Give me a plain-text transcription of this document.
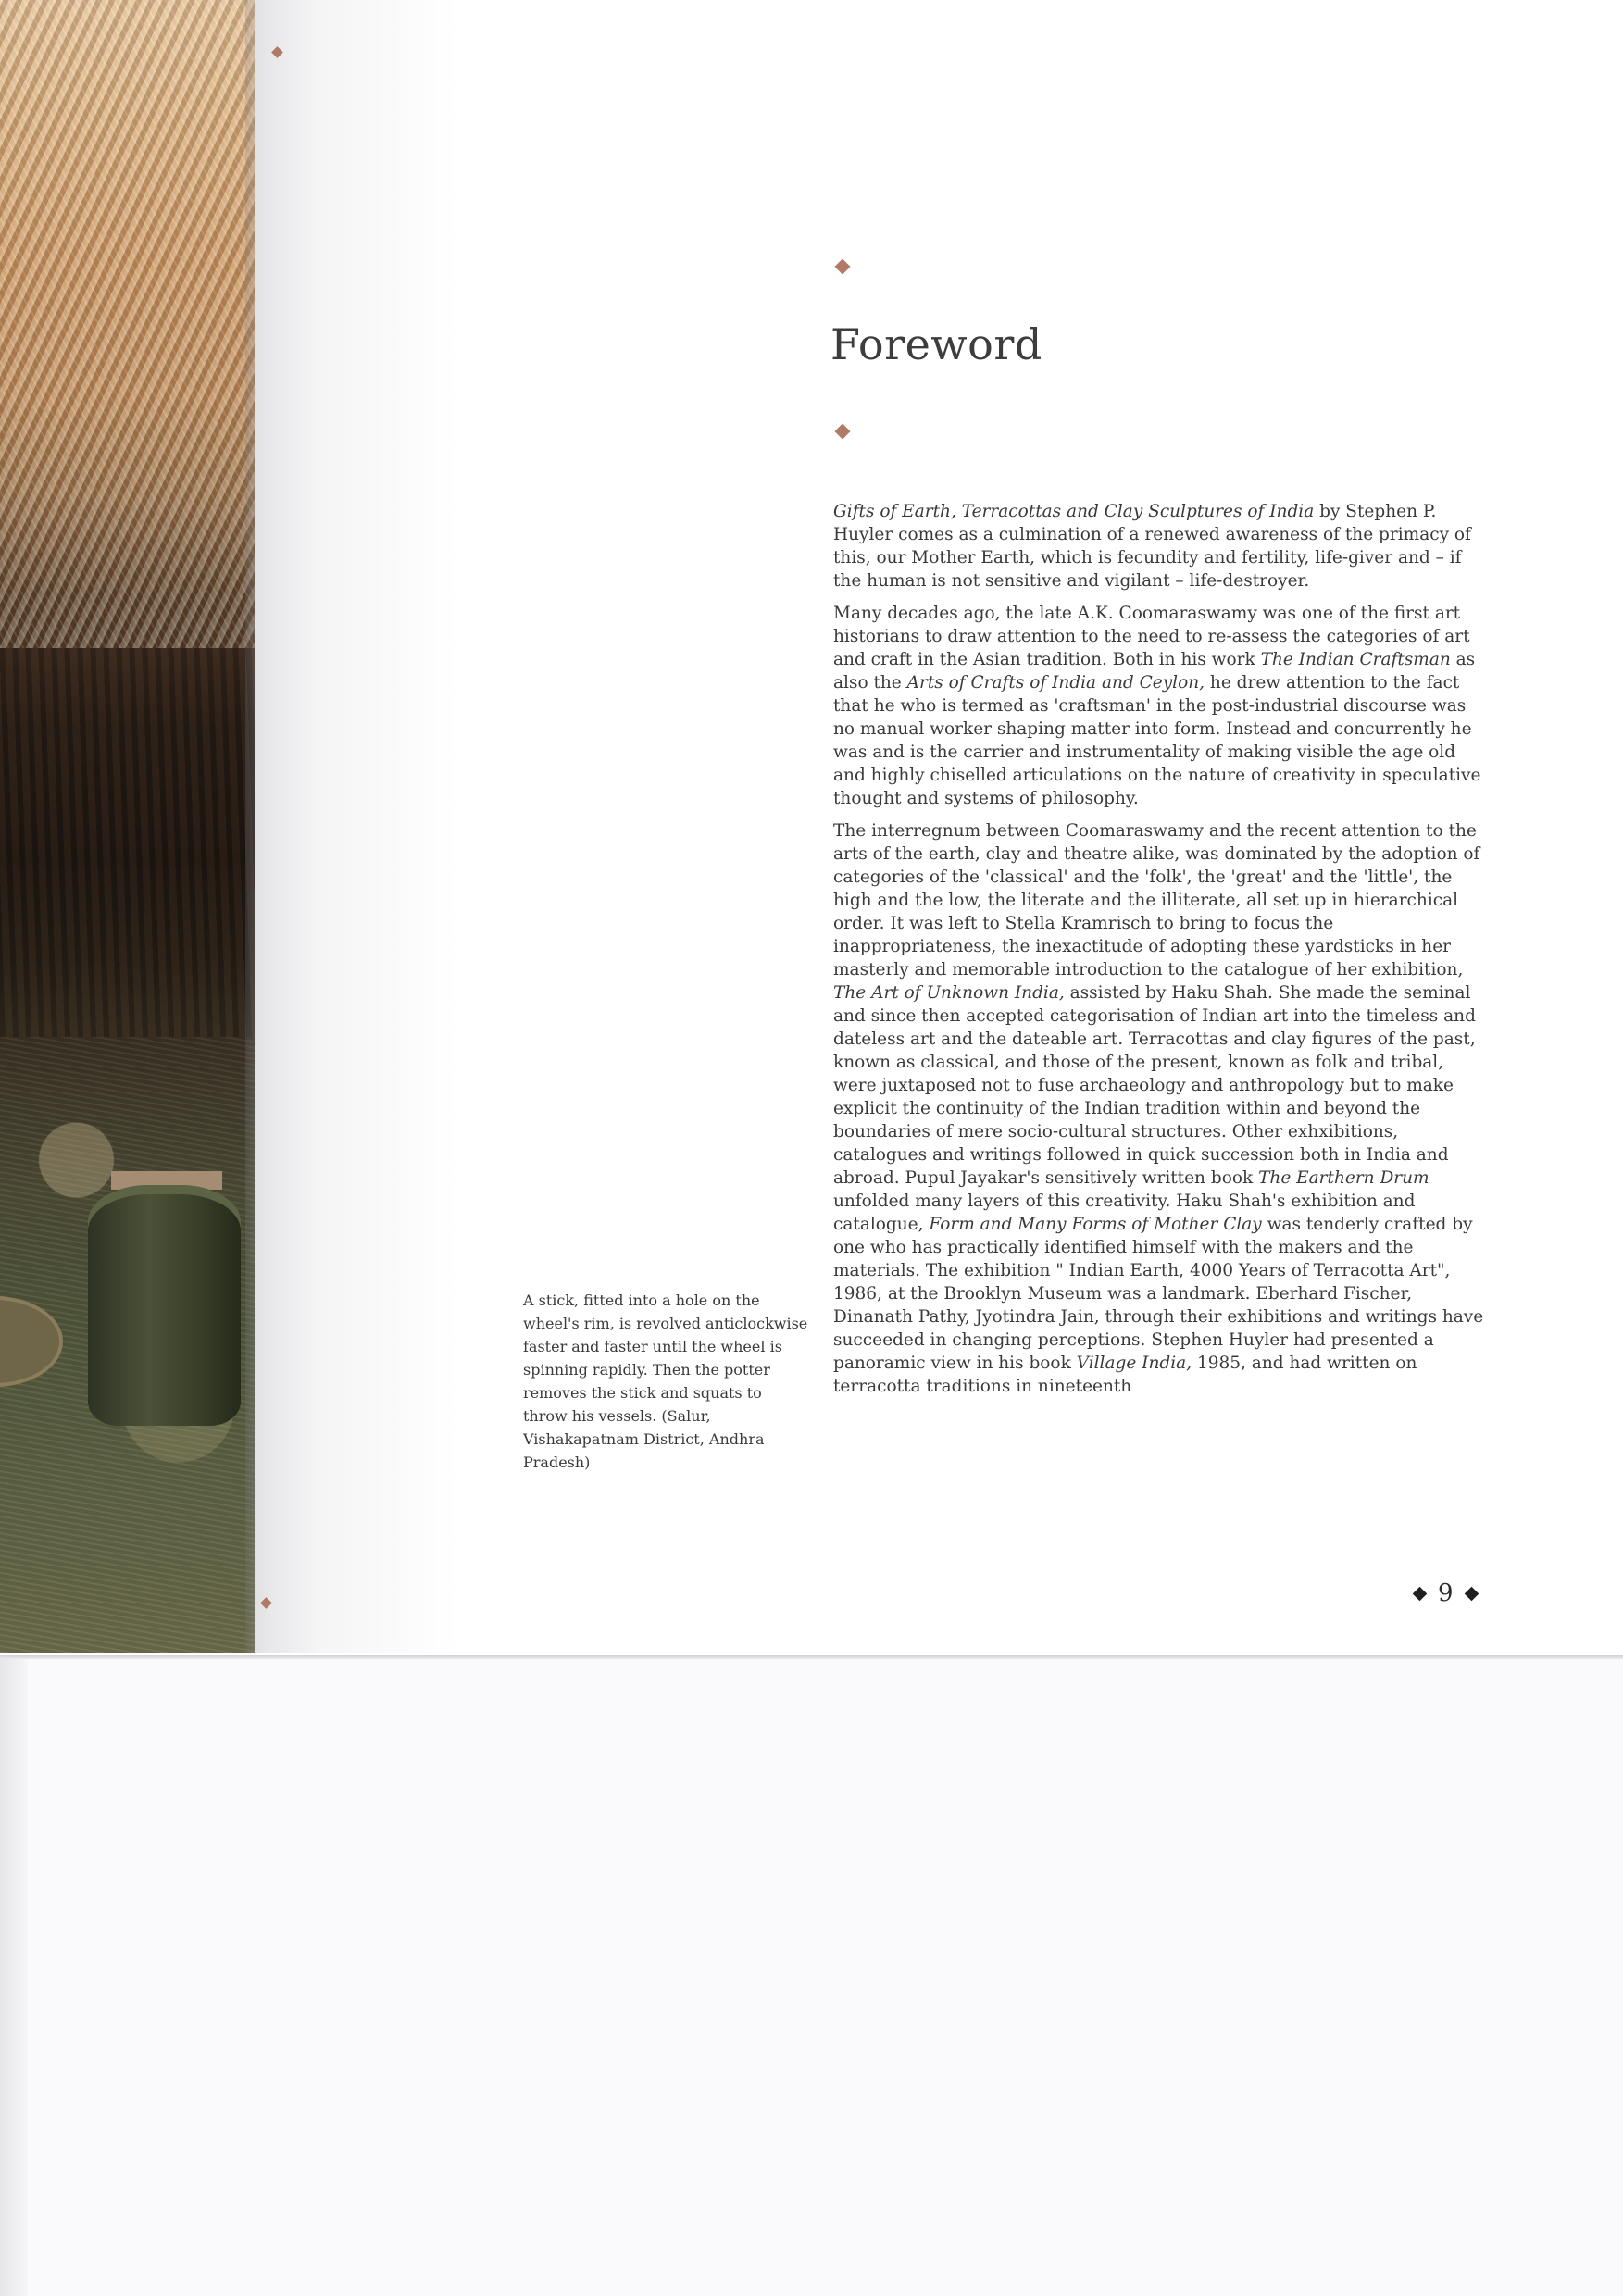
Foreword

Gifts of Earth, Terracottas and Clay Sculptures of India by Stephen P. Huyler comes as a culmination of a renewed awareness of the primacy of this, our Mother Earth, which is fecundity and fertility, life-giver and – if the human is not sensitive and vigilant – life-destroyer.

Many decades ago, the late A.K. Coomaraswamy was one of the first art historians to draw attention to the need to re-assess the categories of art and craft in the Asian tradition. Both in his work The Indian Craftsman as also the Arts of Crafts of India and Ceylon, he drew attention to the fact that he who is termed as 'craftsman' in the post-industrial discourse was no manual worker shaping matter into form. Instead and concurrently he was and is the carrier and instrumentality of making visible the age old and highly chiselled articulations on the nature of creativity in speculative thought and systems of philosophy.

The interregnum between Coomaraswamy and the recent attention to the arts of the earth, clay and theatre alike, was dominated by the adoption of categories of the 'classical' and the 'folk', the 'great' and the 'little', the high and the low, the literate and the illiterate, all set up in hierarchical order. It was left to Stella Kramrisch to bring to focus the inappropriateness, the inexactitude of adopting these yardsticks in her masterly and memorable introduction to the catalogue of her exhibition, The Art of Unknown India, assisted by Haku Shah. She made the seminal and since then accepted categorisation of Indian art into the timeless and dateless art and the dateable art. Terracottas and clay figures of the past, known as classical, and those of the present, known as folk and tribal, were juxtaposed not to fuse archaeology and anthropology but to make explicit the continuity of the Indian tradition within and beyond the boundaries of mere socio-cultural structures. Other exhxibitions, catalogues and writings followed in quick succession both in India and abroad. Pupul Jayakar's sensitively written book The Earthern Drum unfolded many layers of this creativity. Haku Shah's exhibition and catalogue, Form and Many Forms of Mother Clay was tenderly crafted by one who has practically identified himself with the makers and the materials. The exhibition " Indian Earth, 4000 Years of Terracotta Art", 1986, at the Brooklyn Museum was a landmark. Eberhard Fischer, Dinanath Pathy, Jyotindra Jain, through their exhibitions and writings have succeeded in changing perceptions. Stephen Huyler had presented a panoramic view in his book Village India, 1985, and had written on terracotta traditions in nineteenth

A stick, fitted into a hole on the wheel's rim, is revolved anticlockwise faster and faster until the wheel is spinning rapidly. Then the potter removes the stick and squats to throw his vessels. (Salur, Vishakapatnam District, Andhra Pradesh)
9
